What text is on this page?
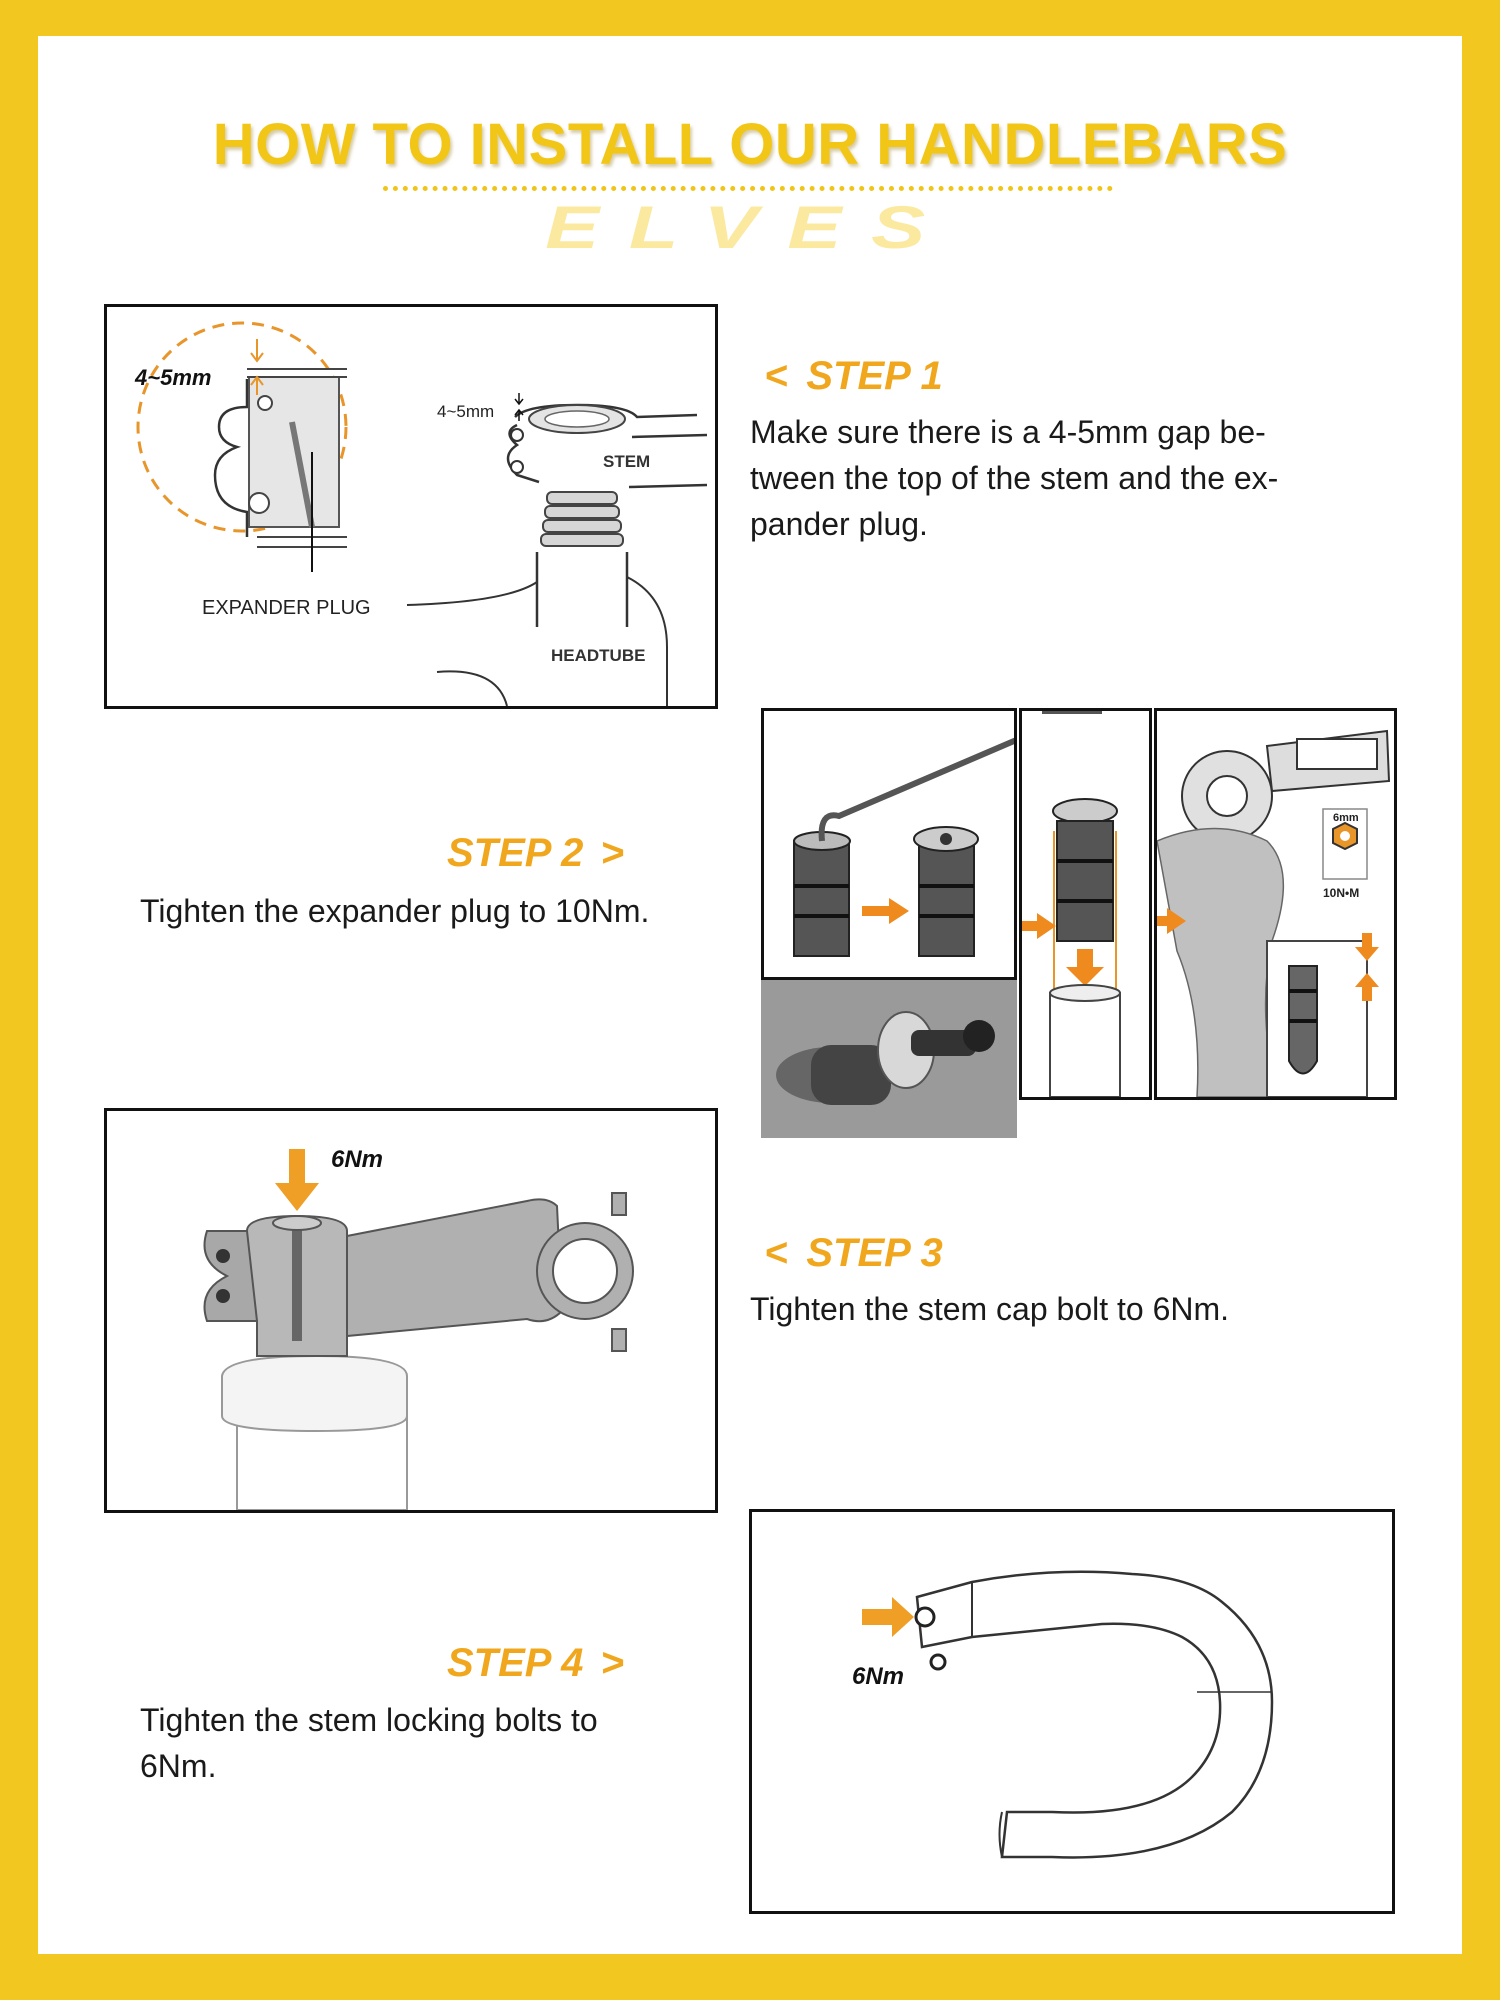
HOW TO INSTALL OUR HANDLEBARS
ELVES
4~5mm
EXPANDER PLUG
4~5mm
STEM
HEADTUBE
< STEP 1
Make sure there is a 4-5mm gap be-
tween the top of the stem and the ex-
pander plug.
6mm
10N•M
STEP 2 >
Tighten the expander plug to 10Nm.
6Nm
< STEP 3
Tighten the stem cap bolt to 6Nm.
6Nm
STEP 4 >
Tighten the stem locking bolts to
6Nm.
